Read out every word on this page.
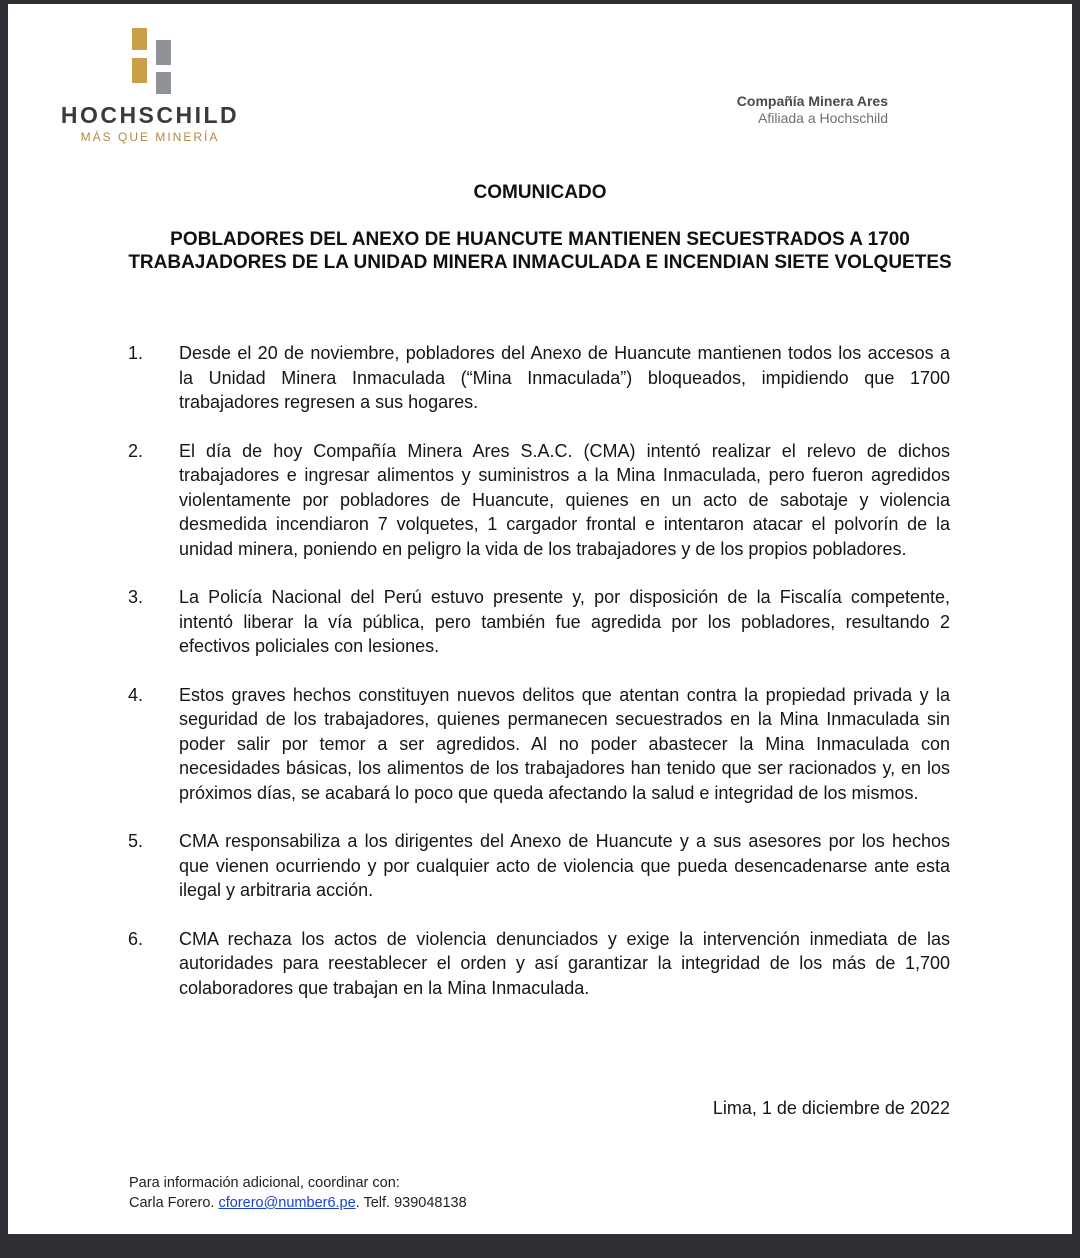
HOCHSCHILD
MÁS QUE MINERÍA
Compañía Minera Ares
Afiliada a Hochschild
COMUNICADO
POBLADORES DEL ANEXO DE HUANCUTE MANTIENEN SECUESTRADOS A 1700 TRABAJADORES DE LA UNIDAD MINERA INMACULADA E INCENDIAN SIETE VOLQUETES
1. Desde el 20 de noviembre, pobladores del Anexo de Huancute mantienen todos los accesos a la Unidad Minera Inmaculada (“Mina Inmaculada”) bloqueados, impidiendo que 1700 trabajadores regresen a sus hogares.
2. El día de hoy Compañía Minera Ares S.A.C. (CMA) intentó realizar el relevo de dichos trabajadores e ingresar alimentos y suministros a la Mina Inmaculada, pero fueron agredidos violentamente por pobladores de Huancute, quienes en un acto de sabotaje y violencia desmedida incendiaron 7 volquetes, 1 cargador frontal e intentaron atacar el polvorín de la unidad minera, poniendo en peligro la vida de los trabajadores y de los propios pobladores.
3. La Policía Nacional del Perú estuvo presente y, por disposición de la Fiscalía competente, intentó liberar la vía pública, pero también fue agredida por los pobladores, resultando 2 efectivos policiales con lesiones.
4. Estos graves hechos constituyen nuevos delitos que atentan contra la propiedad privada y la seguridad de los trabajadores, quienes permanecen secuestrados en la Mina Inmaculada sin poder salir por temor a ser agredidos. Al no poder abastecer la Mina Inmaculada con necesidades básicas, los alimentos de los trabajadores han tenido que ser racionados y, en los próximos días, se acabará lo poco que queda afectando la salud e integridad de los mismos.
5. CMA responsabiliza a los dirigentes del Anexo de Huancute y a sus asesores por los hechos que vienen ocurriendo y por cualquier acto de violencia que pueda desencadenarse ante esta ilegal y arbitraria acción.
6. CMA rechaza los actos de violencia denunciados y exige la intervención inmediata de las autoridades para reestablecer el orden y así garantizar la integridad de los más de 1,700 colaboradores que trabajan en la Mina Inmaculada.
Lima, 1 de diciembre de 2022
Para información adicional, coordinar con:
Carla Forero. cforero@number6.pe. Telf. 939048138
